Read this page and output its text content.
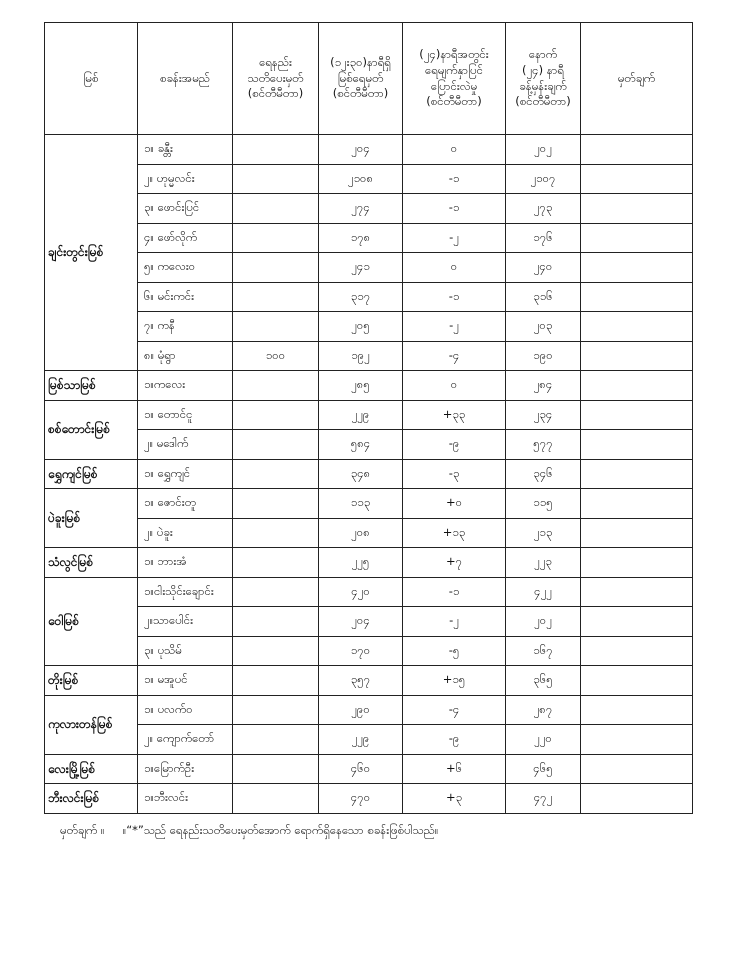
မြစ်	စခန်းအမည်	ရေနည်း
သတိပေးမှတ်
(စင်တီမီတာ)	(၁၂း၃၀)နာရီရှိ
မြစ်ရေမှတ်
(စင်တီမီတာ)	(၂၄)နာရီအတွင်း
ရေမျက်နှာပြင်
ပြောင်းလဲမှု
(စင်တီမီတာ)	နောက်
(၂၄) နာရီ
ခန့်မှန်းချက်
(စင်တီမီတာ)	မှတ်ချက်
ချင်းတွင်းမြစ်	၁။ ခန္တီး		၂၀၄	၀	၂၀၂	
	၂။ ဟုမ္မလင်း		၂၁၀၈	-၁	၂၁၀၇	
	၃။ ဖောင်းပြင်		၂၇၄	-၁	၂၇၃	
	၄။ ဖော်လိုက်		၁၇၈	-၂	၁၇၆	
	၅။ ကလေးဝ		၂၄၁	၀	၂၄၀	
	၆။ မင်းကင်း		၃၁၇	-၁	၃၁၆	
	၇။ ကနီ		၂၀၅	-၂	၂၀၃	
	၈။ မုံရွာ	၁၀၀	၁၉၂	-၄	၁၉၀	
မြစ်သာမြစ်	၁။ကလေး		၂၈၅	၀	၂၈၄	
စစ်တောင်းမြစ်	၁။ တောင်ငူ		၂၂၉	+၃၃	၂၃၄	
	၂။ မဒေါက်		၅၈၄	-၉	၅၇၇	
ရွှေကျင်မြစ်	၁။ ရွှေကျင်		၃၄၈	-၃	၃၄၆	
ပဲခူးမြစ်	၁။ ဇောင်းတူ		၁၁၃	+၀	၁၁၅	
	၂။ ပဲခူး		၂၀၈	+၁၃	၂၁၃	
သံလွင်မြစ်	၁။ ဘားအံ		၂၂၅	+၇	၂၂၃	
ဝေါမြစ်	၁။ငါးသိုင်းချောင်း		၄၂၀	-၁	၄၂၂	
	၂။သာပေါင်း		၂၀၄	-၂	၂၀၂	
	၃။ ပုသိမ်		၁၇၀	-၅	၁၆၇	
တိုးမြစ်	၁။ မအူပင်		၃၅၇	+၁၅	၃၆၅	
ကုလားတန်မြစ်	၁။ ပလက်ဝ		၂၉၀	-၄	၂၈၇	
	၂။ ကျောက်တော်		၂၂၉	-၉	၂၂၀	
လေးမြို့မြစ်	၁။မြောက်ဦး		၄၆၀	+၆	၄၆၅	
ဘီးလင်းမြစ်	၁။ဘီးလင်း		၄၇၀	+၃	၄၇၂	
မှတ်ချက် ။     ။“*”သည် ရေနည်းသတိပေးမှတ်အောက် ရောက်ရှိနေသော စခန်းဖြစ်ပါသည်။
